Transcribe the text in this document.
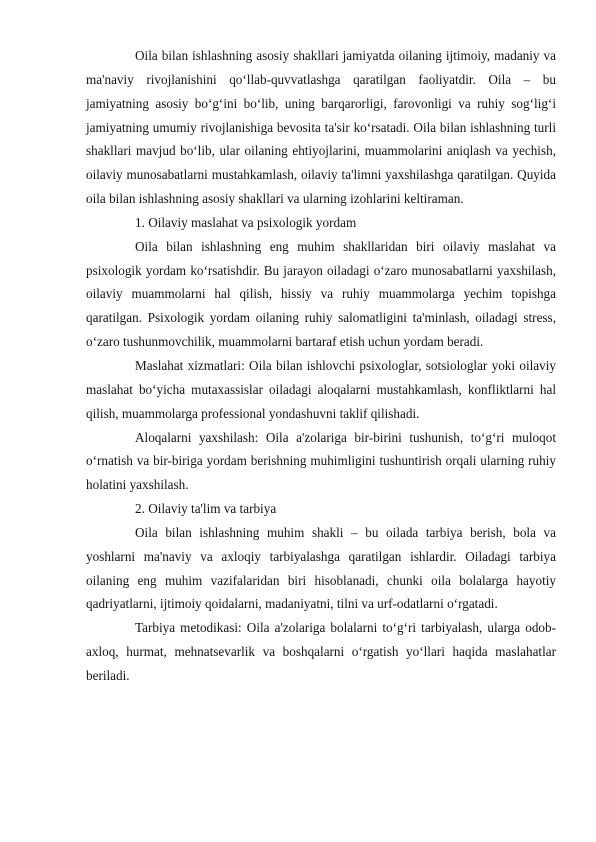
Oila bilan ishlashning asosiy shakllari jamiyatda oilaning ijtimoiy, madaniy va ma'naviy rivojlanishini qo‘llab-quvvatlashga qaratilgan faoliyatdir. Oila – bu jamiyatning asosiy bo‘g‘ini bo‘lib, uning barqarorligi, farovonligi va ruhiy sog‘lig‘i jamiyatning umumiy rivojlanishiga bevosita ta'sir ko‘rsatadi. Oila bilan ishlashning turli shakllari mavjud bo‘lib, ular oilaning ehtiyojlarini, muammolarini aniqlash va yechish, oilaviy munosabatlarni mustahkamlash, oilaviy ta'limni yaxshilashga qaratilgan. Quyida oila bilan ishlashning asosiy shakllari va ularning izohlarini keltiraman.

1. Oilaviy maslahat va psixologik yordam

Oila bilan ishlashning eng muhim shakllaridan biri oilaviy maslahat va psixologik yordam ko‘rsatishdir. Bu jarayon oiladagi o‘zaro munosabatlarni yaxshilash, oilaviy muammolarni hal qilish, hissiy va ruhiy muammolarga yechim topishga qaratilgan. Psixologik yordam oilaning ruhiy salomatligini ta'minlash, oiladagi stress, o‘zaro tushunmovchilik, muammolarni bartaraf etish uchun yordam beradi.

Maslahat xizmatlari: Oila bilan ishlovchi psixologlar, sotsiologlar yoki oilaviy maslahat bo‘yicha mutaxassislar oiladagi aloqalarni mustahkamlash, konfliktlarni hal qilish, muammolarga professional yondashuvni taklif qilishadi.

Aloqalarni yaxshilash: Oila a'zolariga bir-birini tushunish, to‘g‘ri muloqot o‘rnatish va bir-biriga yordam berishning muhimligini tushuntirish orqali ularning ruhiy holatini yaxshilash.

2. Oilaviy ta'lim va tarbiya

Oila bilan ishlashning muhim shakli – bu oilada tarbiya berish, bola va yoshlarni ma'naviy va axloqiy tarbiyalashga qaratilgan ishlardir. Oiladagi tarbiya oilaning eng muhim vazifalaridan biri hisoblanadi, chunki oila bolalarga hayotiy qadriyatlarni, ijtimoiy qoidalarni, madaniyatni, tilni va urf-odatlarni o‘rgatadi.

Tarbiya metodikasi: Oila a'zolariga bolalarni to‘g‘ri tarbiyalash, ularga odob-axloq, hurmat, mehnatsevarlik va boshqalarni o‘rgatish yo‘llari haqida maslahatlar beriladi.
